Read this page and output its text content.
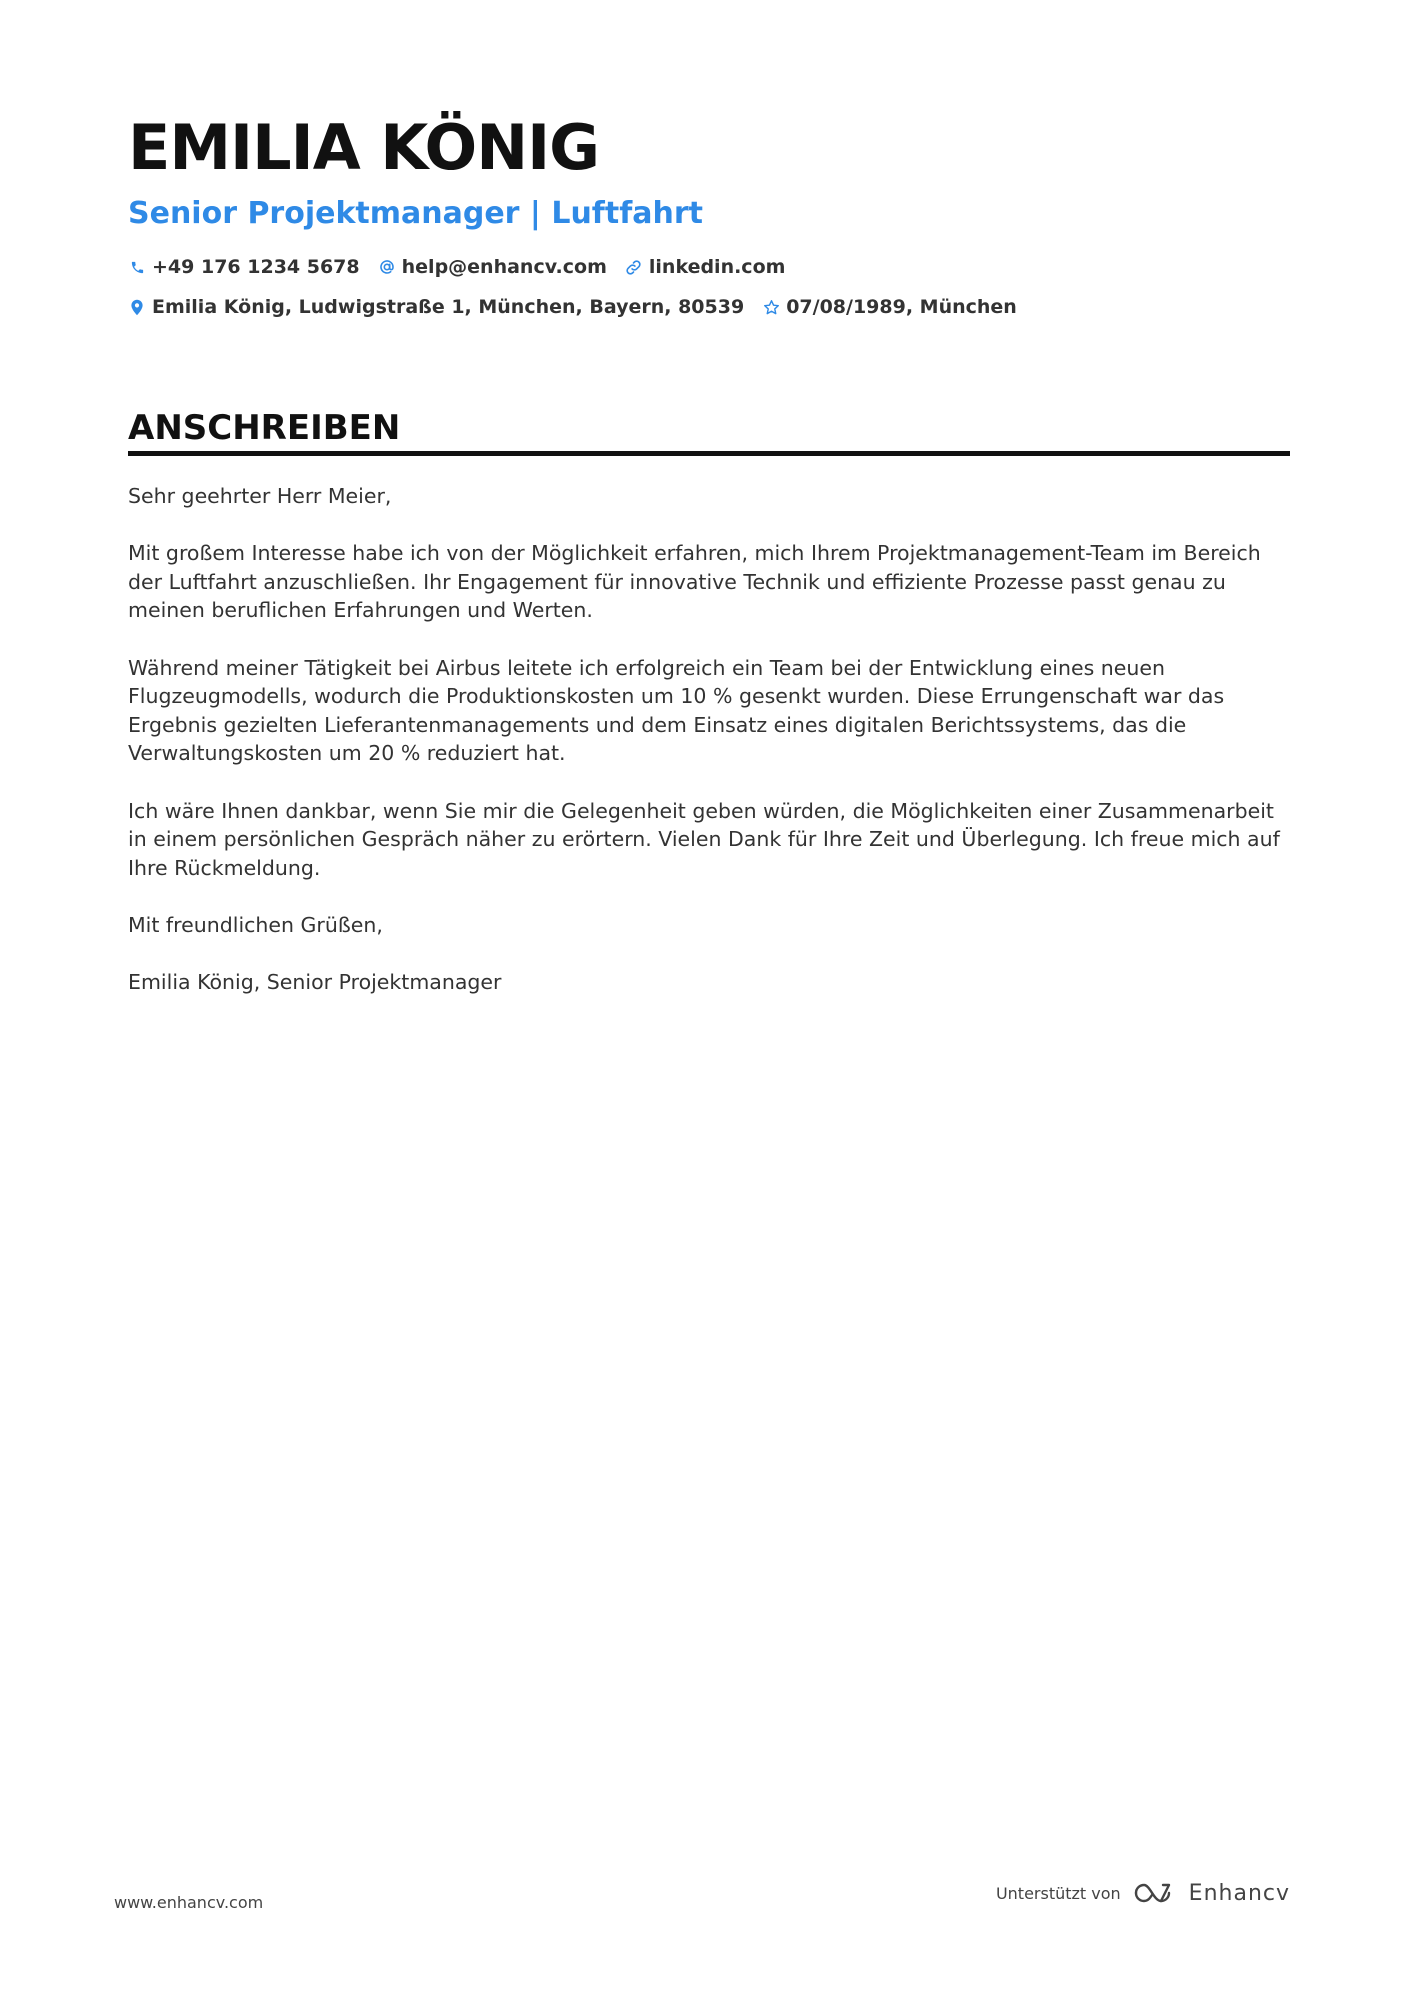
EMILIA KÖNIG
Senior Projektmanager | Luftfahrt
+49 176 1234 5678 help@enhancv.com linkedin.com
Emilia König, Ludwigstraße 1, München, Bayern, 80539 07/08/1989, München
ANSCHREIBEN

Sehr geehrter Herr Meier,

Mit großem Interesse habe ich von der Möglichkeit erfahren, mich Ihrem Projektmanagement-Team im Bereich der Luftfahrt anzuschließen. Ihr Engagement für innovative Technik und effiziente Prozesse passt genau zu meinen beruflichen Erfahrungen und Werten.

Während meiner Tätigkeit bei Airbus leitete ich erfolgreich ein Team bei der Entwicklung eines neuen Flugzeugmodells, wodurch die Produktionskosten um 10 % gesenkt wurden. Diese Errungenschaft war das Ergebnis gezielten Lieferantenmanagements und dem Einsatz eines digitalen Berichtssystems, das die Verwaltungskosten um 20 % reduziert hat.

Ich wäre Ihnen dankbar, wenn Sie mir die Gelegenheit geben würden, die Möglichkeiten einer Zusammenarbeit in einem persönlichen Gespräch näher zu erörtern. Vielen Dank für Ihre Zeit und Überlegung. Ich freue mich auf Ihre Rückmeldung.

Mit freundlichen Grüßen,

Emilia König, Senior Projektmanager

www.enhancv.com	Unterstützt von	Enhancv
